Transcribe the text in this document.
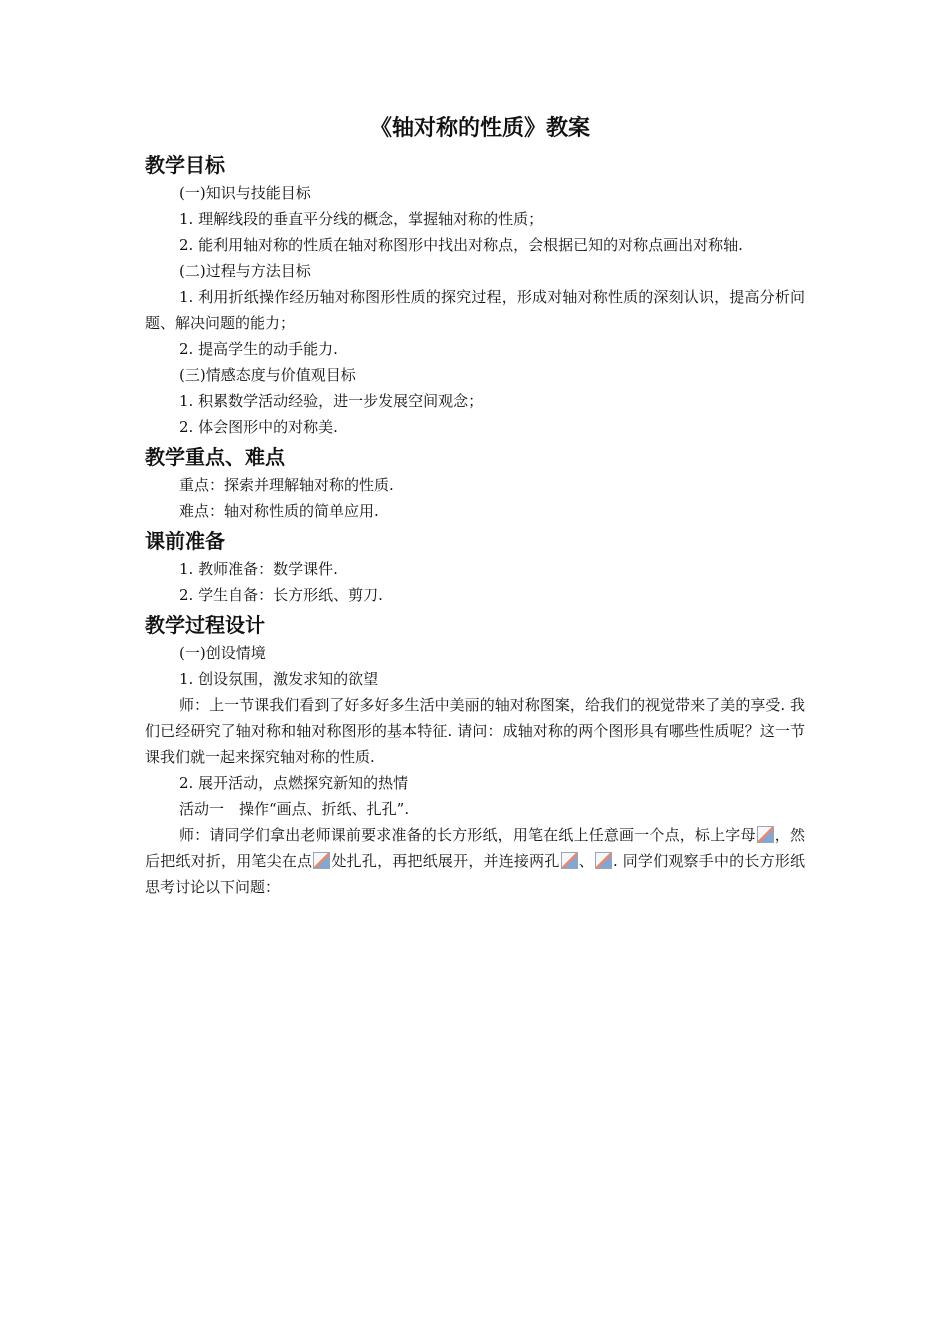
《轴对称的性质》教案
教学目标

(一)知识与技能目标

1. 理解线段的垂直平分线的概念，掌握轴对称的性质；

2. 能利用轴对称的性质在轴对称图形中找出对称点，会根据已知的对称点画出对称轴.

(二)过程与方法目标

1. 利用折纸操作经历轴对称图形性质的探究过程，形成对轴对称性质的深刻认识，提高分析问题、解决问题的能力；

2. 提高学生的动手能力.

(三)情感态度与价值观目标

1. 积累数学活动经验，进一步发展空间观念；

2. 体会图形中的对称美.

教学重点、难点

重点：探索并理解轴对称的性质.

难点：轴对称性质的简单应用.

课前准备

1. 教师准备：数学课件.

2. 学生自备：长方形纸、剪刀.

教学过程设计

(一)创设情境

1. 创设氛围，激发求知的欲望

师：上一节课我们看到了好多好多生活中美丽的轴对称图案，给我们的视觉带来了美的享受. 我们已经研究了轴对称和轴对称图形的基本特征. 请问：成轴对称的两个图形具有哪些性质呢？这一节课我们就一起来探究轴对称的性质.

2. 展开活动，点燃探究新知的热情

活动一　操作“画点、折纸、扎孔”.

师：请同学们拿出老师课前要求准备的长方形纸，用笔在纸上任意画一个点，标上字母 ，然后把纸对折，用笔尖在点 处扎孔，再把纸展开，并连接两孔 、 . 同学们观察手中的长方形纸思考讨论以下问题：
